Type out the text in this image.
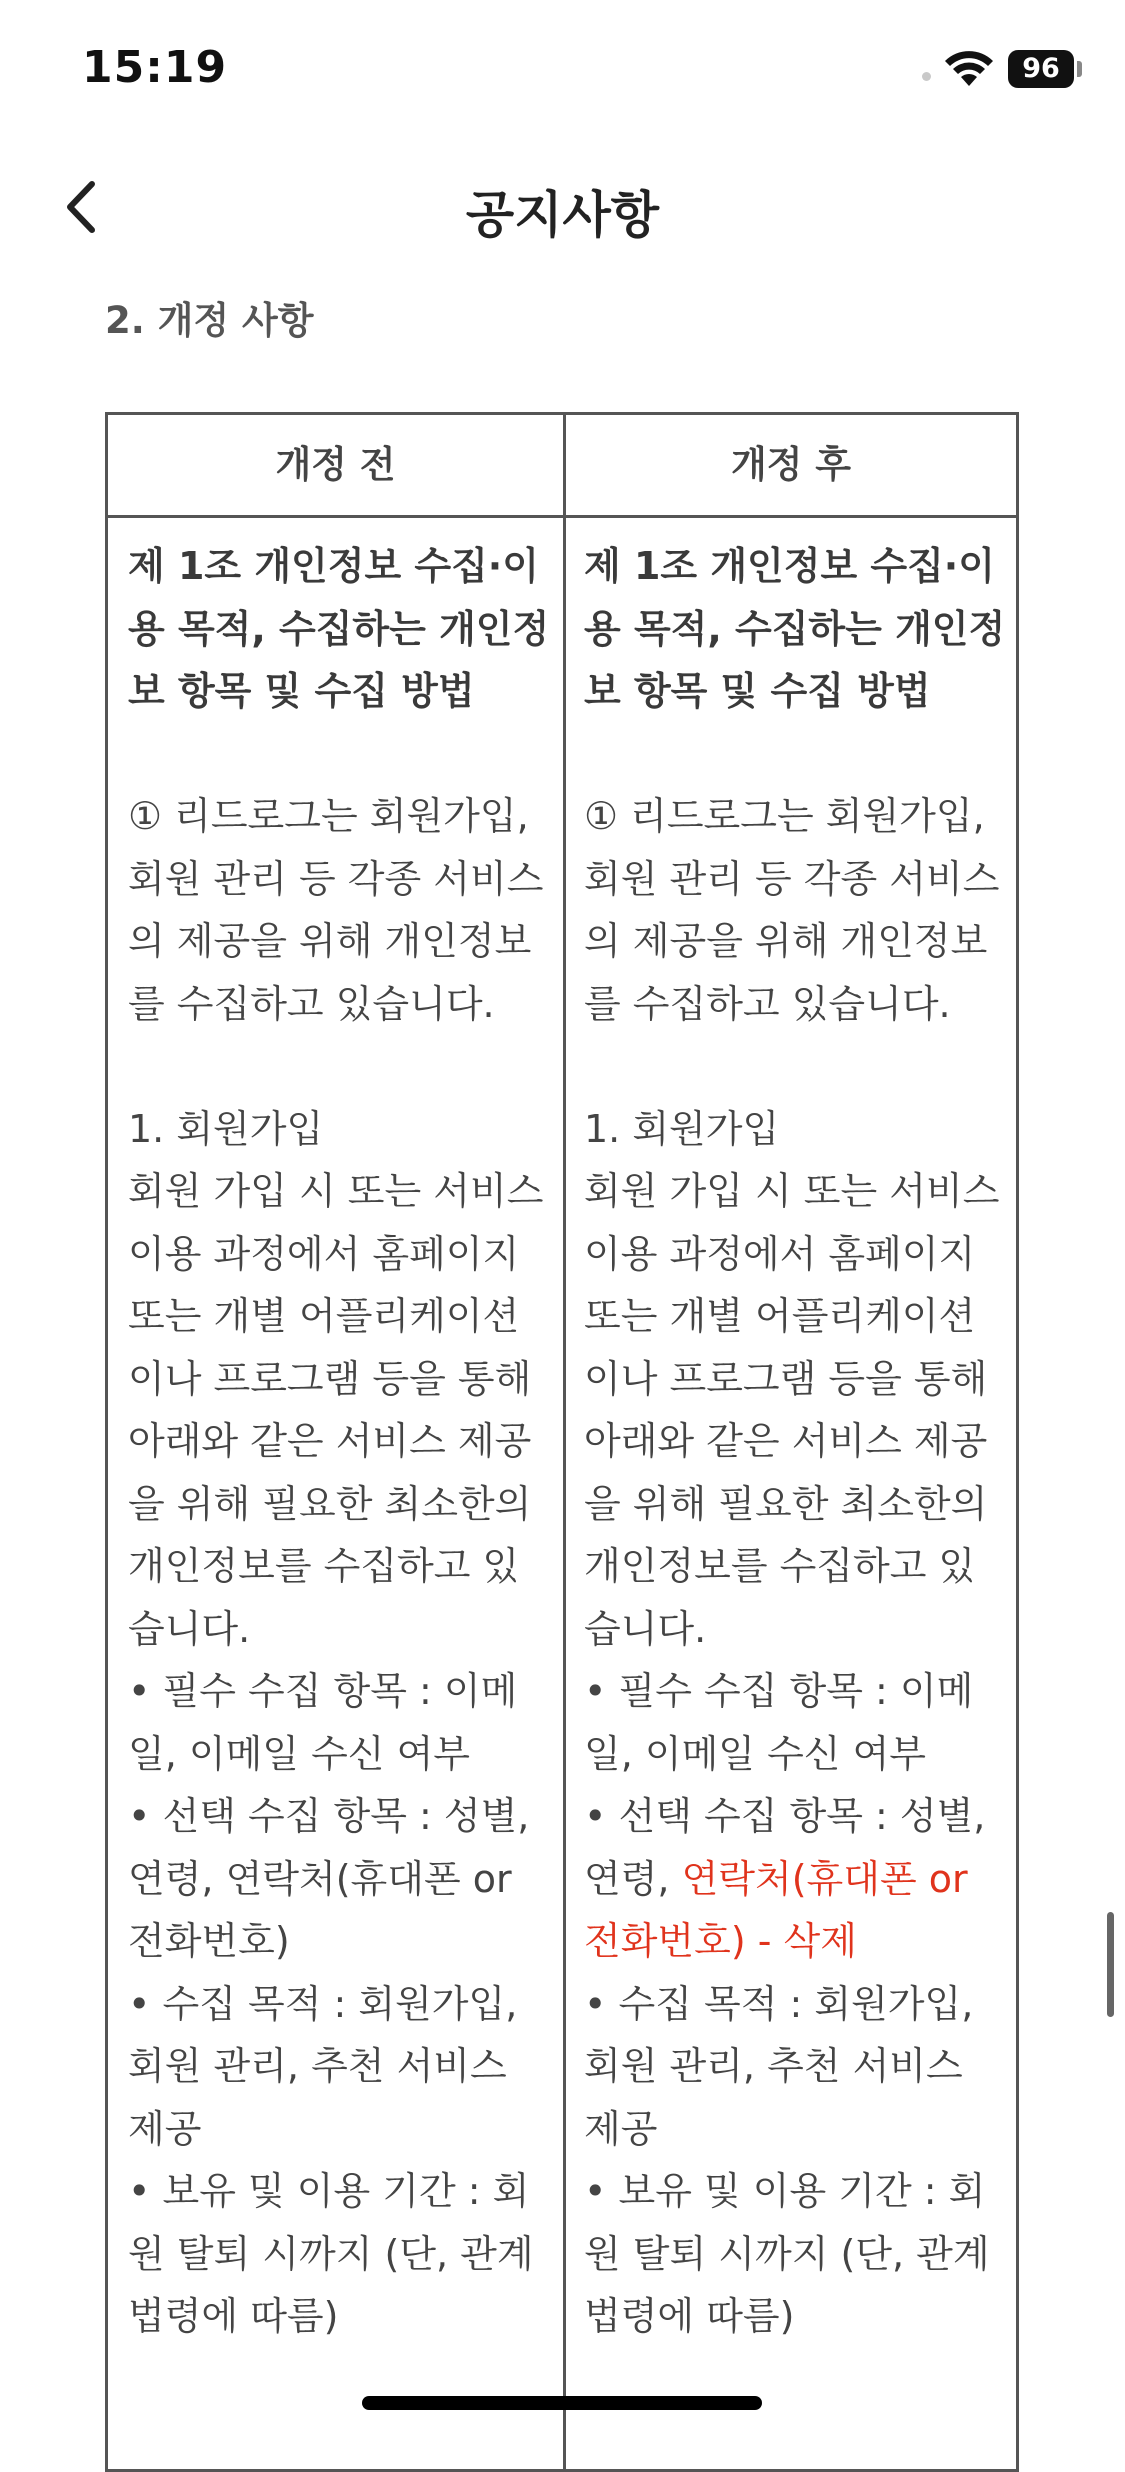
15:19	96
공지사항
2. 개정 사항
개정 전	개정 후
제 1조 개인정보 수집·이
용 목적, 수집하는 개인정
보 항목 및 수집 방법
① 리드로그는 회원가입,
회원 관리 등 각종 서비스
의 제공을 위해 개인정보
를 수집하고 있습니다.
1. 회원가입
회원 가입 시 또는 서비스
이용 과정에서 홈페이지
또는 개별 어플리케이션
이나 프로그램 등을 통해
아래와 같은 서비스 제공
을 위해 필요한 최소한의
개인정보를 수집하고 있
습니다.
• 필수 수집 항목 : 이메
일, 이메일 수신 여부
• 선택 수집 항목 : 성별,
연령, 연락처(휴대폰 or
전화번호)
• 수집 목적 : 회원가입,
회원 관리, 추천 서비스
제공
• 보유 및 이용 기간 : 회
원 탈퇴 시까지 (단, 관계
법령에 따름)
제 1조 개인정보 수집·이
용 목적, 수집하는 개인정
보 항목 및 수집 방법
① 리드로그는 회원가입,
회원 관리 등 각종 서비스
의 제공을 위해 개인정보
를 수집하고 있습니다.
1. 회원가입
회원 가입 시 또는 서비스
이용 과정에서 홈페이지
또는 개별 어플리케이션
이나 프로그램 등을 통해
아래와 같은 서비스 제공
을 위해 필요한 최소한의
개인정보를 수집하고 있
습니다.
• 필수 수집 항목 : 이메
일, 이메일 수신 여부
• 선택 수집 항목 : 성별,
연령, 연락처(휴대폰 or
전화번호) - 삭제
• 수집 목적 : 회원가입,
회원 관리, 추천 서비스
제공
• 보유 및 이용 기간 : 회
원 탈퇴 시까지 (단, 관계
법령에 따름)
